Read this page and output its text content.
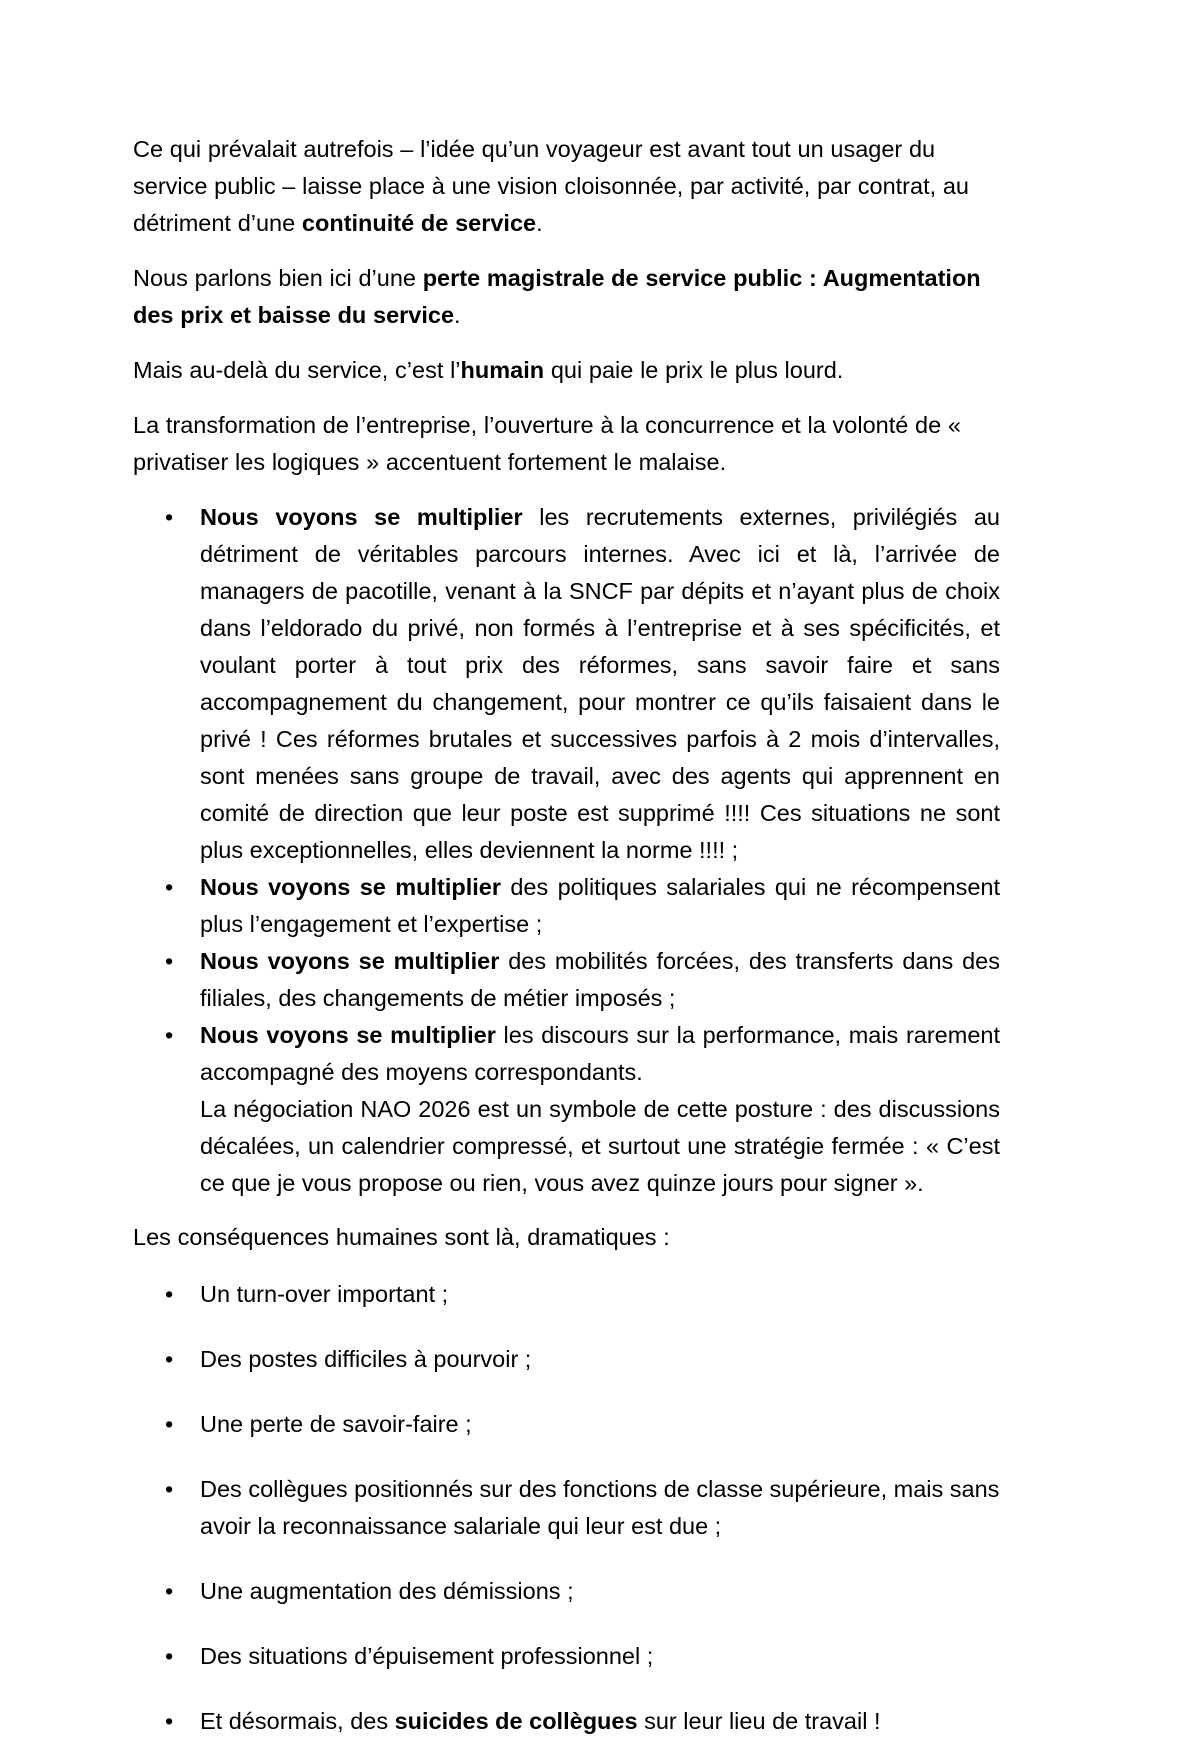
Ce qui prévalait autrefois – l’idée qu’un voyageur est avant tout un usager du service public – laisse place à une vision cloisonnée, par activité, par contrat, au détriment d’une continuité de service.

Nous parlons bien ici d’une perte magistrale de service public : Augmentation des prix et baisse du service.

Mais au-delà du service, c’est l’humain qui paie le prix le plus lourd.

La transformation de l’entreprise, l’ouverture à la concurrence et la volonté de « privatiser les logiques » accentuent fortement le malaise.

• Nous voyons se multiplier les recrutements externes, privilégiés au détriment de véritables parcours internes. Avec ici et là, l’arrivée de managers de pacotille, venant à la SNCF par dépits et n’ayant plus de choix dans l’eldorado du privé, non formés à l’entreprise et à ses spécificités, et voulant porter à tout prix des réformes, sans savoir faire et sans accompagnement du changement, pour montrer ce qu’ils faisaient dans le privé ! Ces réformes brutales et successives parfois à 2 mois d’intervalles, sont menées sans groupe de travail, avec des agents qui apprennent en comité de direction que leur poste est supprimé !!!! Ces situations ne sont plus exceptionnelles, elles deviennent la norme !!!! ;
• Nous voyons se multiplier des politiques salariales qui ne récompensent plus l’engagement et l’expertise ;
• Nous voyons se multiplier des mobilités forcées, des transferts dans des filiales, des changements de métier imposés ;
• Nous voyons se multiplier les discours sur la performance, mais rarement accompagné des moyens correspondants.
La négociation NAO 2026 est un symbole de cette posture : des discussions décalées, un calendrier compressé, et surtout une stratégie fermée : « C’est ce que je vous propose ou rien, vous avez quinze jours pour signer ».

Les conséquences humaines sont là, dramatiques :

• Un turn-over important ;
• Des postes difficiles à pourvoir ;
• Une perte de savoir-faire ;
• Des collègues positionnés sur des fonctions de classe supérieure, mais sans avoir la reconnaissance salariale qui leur est due ;
• Une augmentation des démissions ;
• Des situations d’épuisement professionnel ;
• Et désormais, des suicides de collègues sur leur lieu de travail !
